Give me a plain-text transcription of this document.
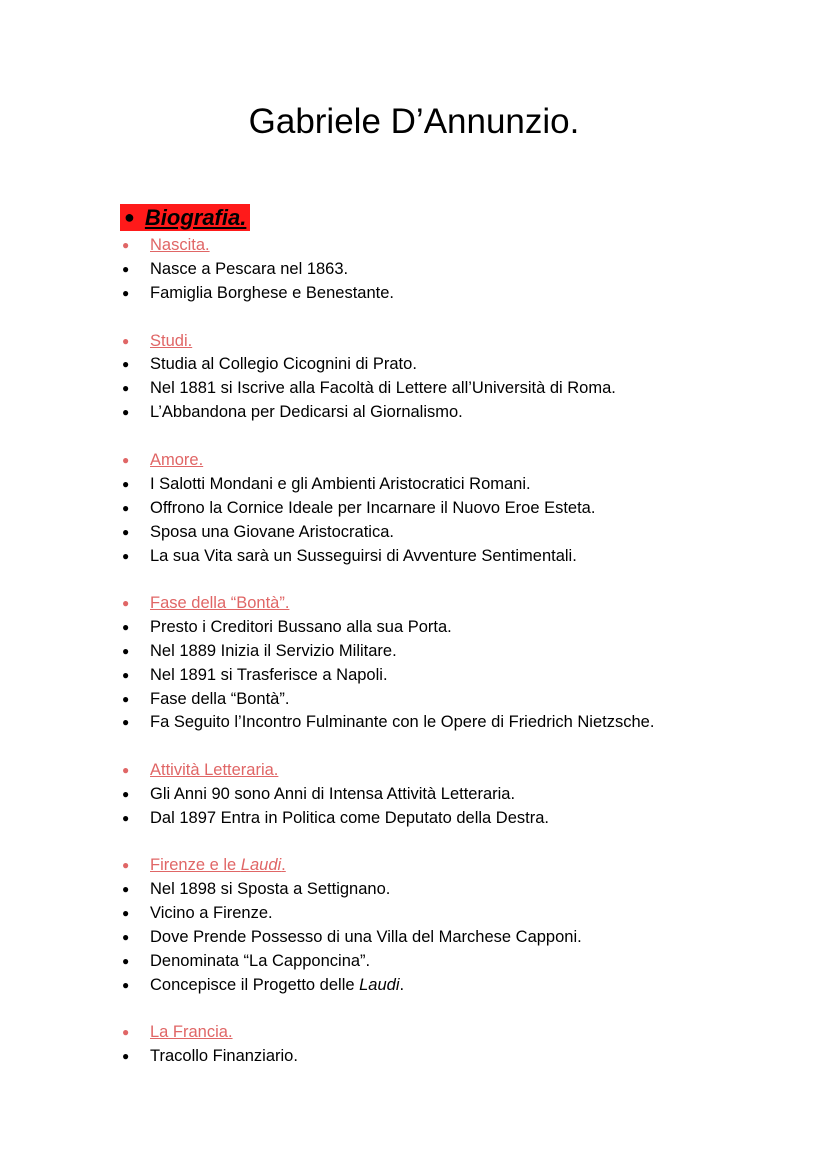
Gabriele D’Annunzio.
● Biografia.
●	Nascita.
●	Nasce a Pescara nel 1863.
●	Famiglia Borghese e Benestante.
●	Studi.
●	Studia al Collegio Cicognini di Prato.
●	Nel 1881 si Iscrive alla Facoltà di Lettere all’Università di Roma.
●	L’Abbandona per Dedicarsi al Giornalismo.
●	Amore.
●	I Salotti Mondani e gli Ambienti Aristocratici Romani.
●	Offrono la Cornice Ideale per Incarnare il Nuovo Eroe Esteta.
●	Sposa una Giovane Aristocratica.
●	La sua Vita sarà un Susseguirsi di Avventure Sentimentali.
●	Fase della “Bontà”.
●	Presto i Creditori Bussano alla sua Porta.
●	Nel 1889 Inizia il Servizio Militare.
●	Nel 1891 si Trasferisce a Napoli.
●	Fase della “Bontà”.
●	Fa Seguito l’Incontro Fulminante con le Opere di Friedrich Nietzsche.
●	Attività Letteraria.
●	Gli Anni 90 sono Anni di Intensa Attività Letteraria.
●	Dal 1897 Entra in Politica come Deputato della Destra.
●	Firenze e le Laudi.
●	Nel 1898 si Sposta a Settignano.
●	Vicino a Firenze.
●	Dove Prende Possesso di una Villa del Marchese Capponi.
●	Denominata “La Capponcina”.
●	Concepisce il Progetto delle Laudi.
●	La Francia.
●	Tracollo Finanziario.
